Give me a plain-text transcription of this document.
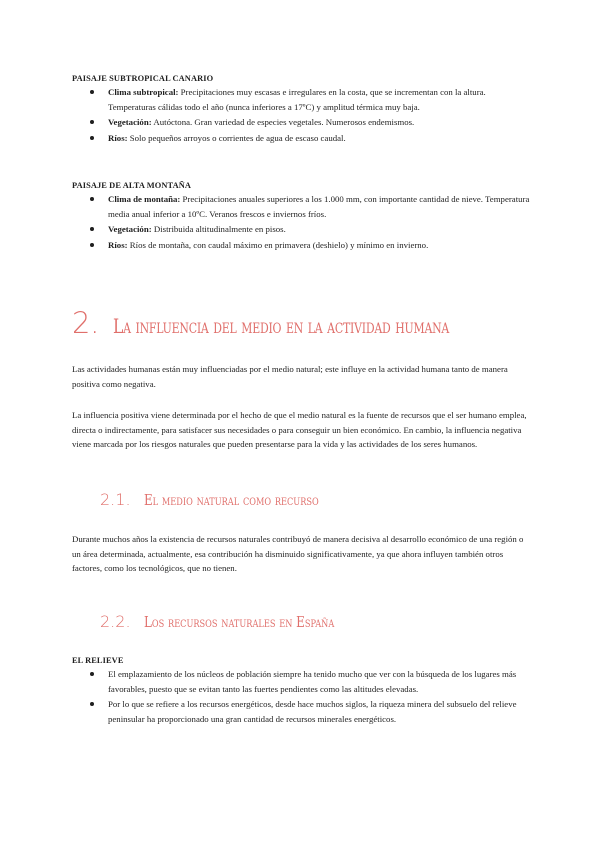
PAISAJE SUBTROPICAL CANARIO

Clima subtropical: Precipitaciones muy escasas e irregulares en la costa, que se incrementan con la altura. Temperaturas cálidas todo el año (nunca inferiores a 17ºC) y amplitud térmica muy baja.
Vegetación: Autóctona. Gran variedad de especies vegetales. Numerosos endemismos.
Ríos: Solo pequeños arroyos o corrientes de agua de escaso caudal.

PAISAJE DE ALTA MONTAÑA

Clima de montaña: Precipitaciones anuales superiores a los 1.000 mm, con importante cantidad de nieve. Temperatura media anual inferior a 10ºC. Veranos frescos e inviernos fríos.
Vegetación: Distribuida altitudinalmente en pisos.
Ríos: Ríos de montaña, con caudal máximo en primavera (deshielo) y mínimo en invierno.
2. La influencia del medio en la actividad humana

Las actividades humanas están muy influenciadas por el medio natural; este influye en la actividad humana tanto de manera positiva como negativa.

La influencia positiva viene determinada por el hecho de que el medio natural es la fuente de recursos que el ser humano emplea, directa o indirectamente, para satisfacer sus necesidades o para conseguir un bien económico. En cambio, la influencia negativa viene marcada por los riesgos naturales que pueden presentarse para la vida y las actividades de los seres humanos.

2.1. El medio natural como recurso

Durante muchos años la existencia de recursos naturales contribuyó de manera decisiva al desarrollo económico de una región o un área determinada, actualmente, esa contribución ha disminuido significativamente, ya que ahora influyen también otros factores, como los tecnológicos, que no tienen.

2.2. Los recursos naturales en España

EL RELIEVE

El emplazamiento de los núcleos de población siempre ha tenido mucho que ver con la búsqueda de los lugares más favorables, puesto que se evitan tanto las fuertes pendientes como las altitudes elevadas.
Por lo que se refiere a los recursos energéticos, desde hace muchos siglos, la riqueza minera del subsuelo del relieve peninsular ha proporcionado una gran cantidad de recursos minerales energéticos.
